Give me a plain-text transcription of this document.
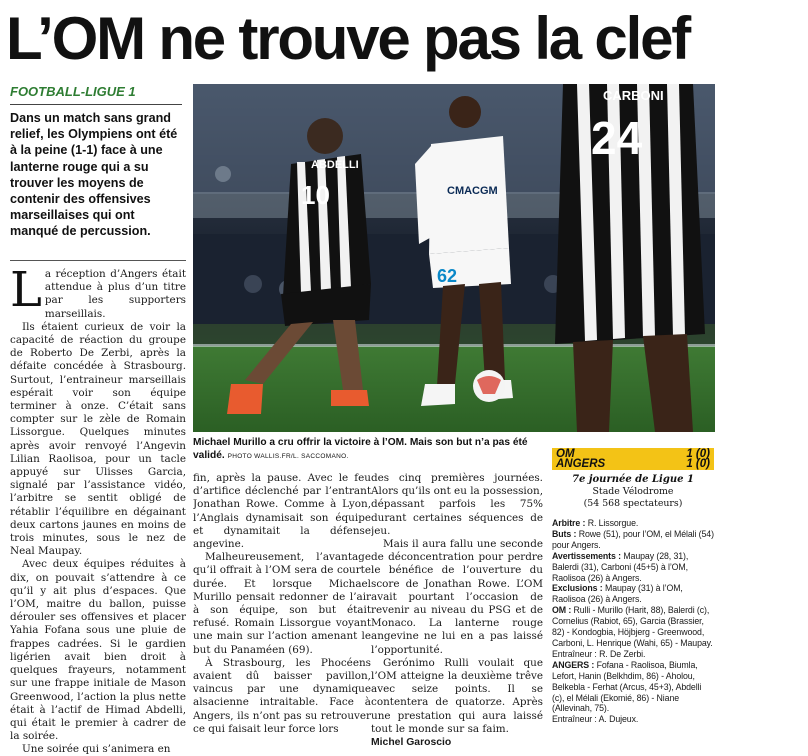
L’OM ne trouve pas la clef
FOOTBALL-LIGUE 1
Dans un match sans grand relief, les Olympiens ont été à la peine (1-1) face à une lanterne rouge qui a su trouver les moyens de contenir des offensives marseillaises qui ont manqué de percussion.

La réception d’Angers était attendue à plus d’un titre par les supporters marseillais.

Ils étaient curieux de voir la capacité de réaction du groupe de Roberto De Zerbi, après la défaite concédée à Strasbourg. Surtout, l’entraineur marseillais espérait voir son équipe terminer à onze. C’était sans compter sur le zèle de Romain Lissorgue. Quelques minutes après avoir renvoyé l’Angevin Lilian Raolisoa, pour un tacle appuyé sur Ulisses Garcia, signalé par l’assistance vidéo, l’arbitre se sentit obligé de rétablir l’équilibre en dégainant deux cartons jaunes en moins de trois minutes, sous le nez de Neal Maupay.

Avec deux équipes réduites à dix, on pouvait s’attendre à ce qu’il y ait plus d’espaces. Que l’OM, maitre du ballon, puisse dérouler ses offensives et placer Yahia Fofana sous une pluie de frappes cadrées. Si le gardien ligérien avait bien droit à quelques frayeurs, notamment sur une frappe initiale de Mason Greenwood, l’action la plus nette était à l’actif de Himad Abdelli, qui était le premier à cadrer de la soirée.

Une soirée qui s’animera en

ABDELLI
10	CMACGM
62
CARBONI
24
Michael Murillo a cru offrir la victoire à l’OM. Mais son but n’a pas été validé. PHOTO WALLIS.FR/L. SACCOMANO.

fin, après la pause. Avec le feu d’artifice déclenché par l’entrant Jonathan Rowe. Comme à Lyon, l’Anglais dynamisait son équipe et dynamitait la défense angevine.

Malheureusement, l’avantage qu’il offrait à l’OM sera de courte durée. Et lorsque Michael Murillo pensait redonner de l’air à son équipe, son but était refusé. Romain Lissorgue voyant une main sur l’action amenant le but du Panaméen (69).

À Strasbourg, les Phocéens avaient dû baisser pavillon, vaincus par une dynamique alsacienne intraitable. Face à Angers, ils n’ont pas su retrouver ce qui faisait leur force lors

des cinq premières journées. Alors qu’ils ont eu la possession, dépassant parfois les 75% durant certaines séquences de jeu.

Mais il aura fallu une seconde de déconcentration pour perdre le bénéfice de l’ouverture du score de Jonathan Rowe. L’OM avait pourtant l’occasion de revenir au niveau du PSG et de Monaco. La lanterne rouge angevine ne lui en a pas laissé l’opportunité.

Gerónimo Rulli voulait que l’OM atteigne la deuxième trêve avec seize points. Il se contentera de quatorze. Après une prestation qui aura laissé tout le monde sur sa faim.

Michel Garoscio

OM	1 (0)
ANGERS	1 (0)
7e journée de Ligue 1
Stade Vélodrome
(54 568 spectateurs)

Arbitre : R. Lissorgue.

Buts : Rowe (51), pour l’OM, el Mélali (54) pour Angers.

Avertissements : Maupay (28, 31), Balerdi (31), Carboni (45+5) à l’OM, Raolisoa (26) à Angers.

Exclusions : Maupay (31) à l’OM, Raolisoa (26) à Angers.

OM : Rulli - Murillo (Harit, 88), Balerdi (c), Cornelius (Rabiot, 65), Garcia (Brassier, 82) - Kondogbia, Höjbjerg - Greenwood, Carboni, L. Henrique (Wahi, 65) - Maupay.

Entraîneur : R. De Zerbi.

ANGERS : Fofana - Raolisoa, Biumla, Lefort, Hanin (Belkhdim, 86) - Aholou, Belkebla - Ferhat (Arcus, 45+3), Abdelli (c), el Mélali (Ekomié, 86) - Niane (Allevinah, 75).

Entraîneur : A. Dujeux.
